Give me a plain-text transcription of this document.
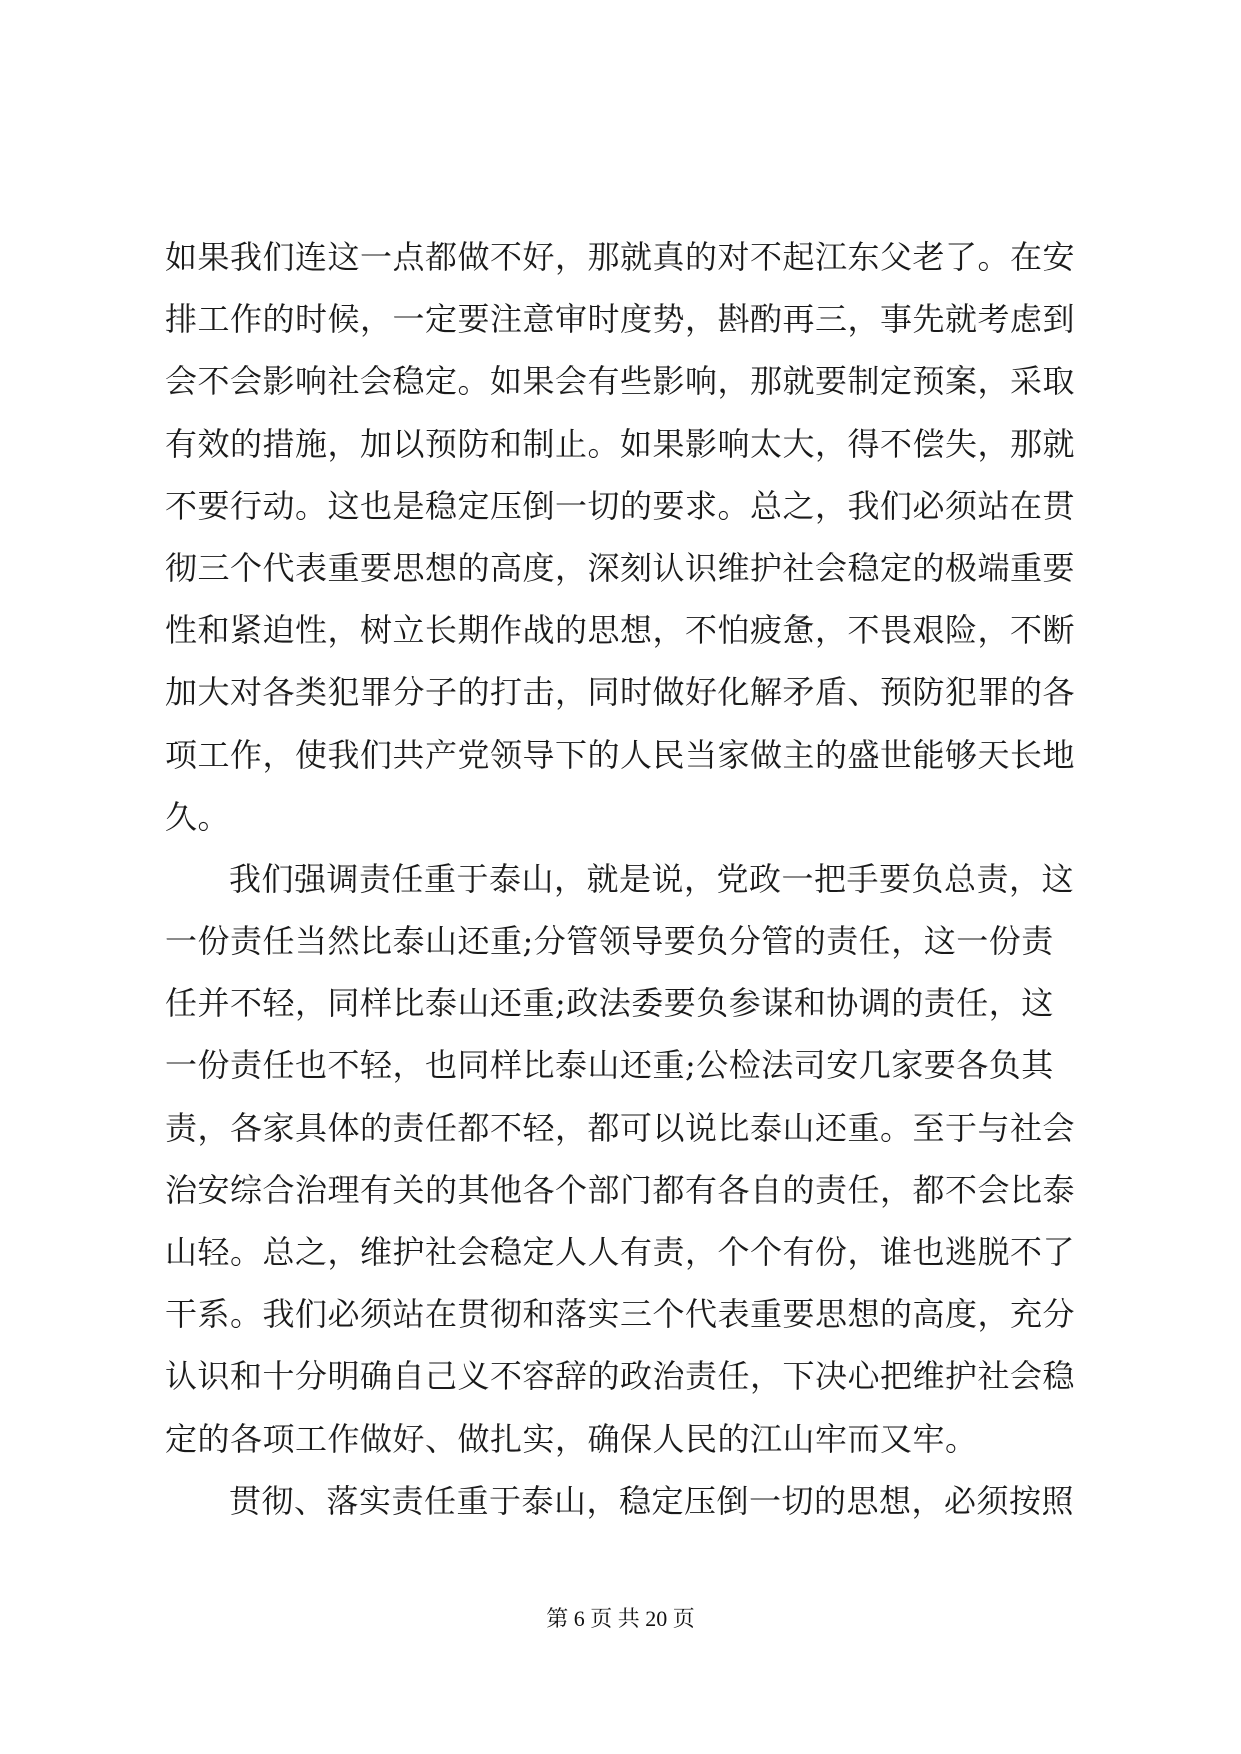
如果我们连这一点都做不好，那就真的对不起江东父老了。在安
排工作的时候，一定要注意审时度势，斟酌再三，事先就考虑到
会不会影响社会稳定。如果会有些影响，那就要制定预案，采取
有效的措施，加以预防和制止。如果影响太大，得不偿失，那就
不要行动。这也是稳定压倒一切的要求。总之，我们必须站在贯
彻三个代表重要思想的高度，深刻认识维护社会稳定的极端重要
性和紧迫性，树立长期作战的思想，不怕疲惫，不畏艰险，不断
加大对各类犯罪分子的打击，同时做好化解矛盾、预防犯罪的各
项工作，使我们共产党领导下的人民当家做主的盛世能够天长地
久。
我们强调责任重于泰山，就是说，党政一把手要负总责，这
一份责任当然比泰山还重;分管领导要负分管的责任，这一份责
任并不轻，同样比泰山还重;政法委要负参谋和协调的责任，这
一份责任也不轻，也同样比泰山还重;公检法司安几家要各负其
责，各家具体的责任都不轻，都可以说比泰山还重。至于与社会
治安综合治理有关的其他各个部门都有各自的责任，都不会比泰
山轻。总之，维护社会稳定人人有责，个个有份，谁也逃脱不了
干系。我们必须站在贯彻和落实三个代表重要思想的高度，充分
认识和十分明确自己义不容辞的政治责任，下决心把维护社会稳
定的各项工作做好、做扎实，确保人民的江山牢而又牢。
贯彻、落实责任重于泰山，稳定压倒一切的思想，必须按照
第 6 页 共 20 页
